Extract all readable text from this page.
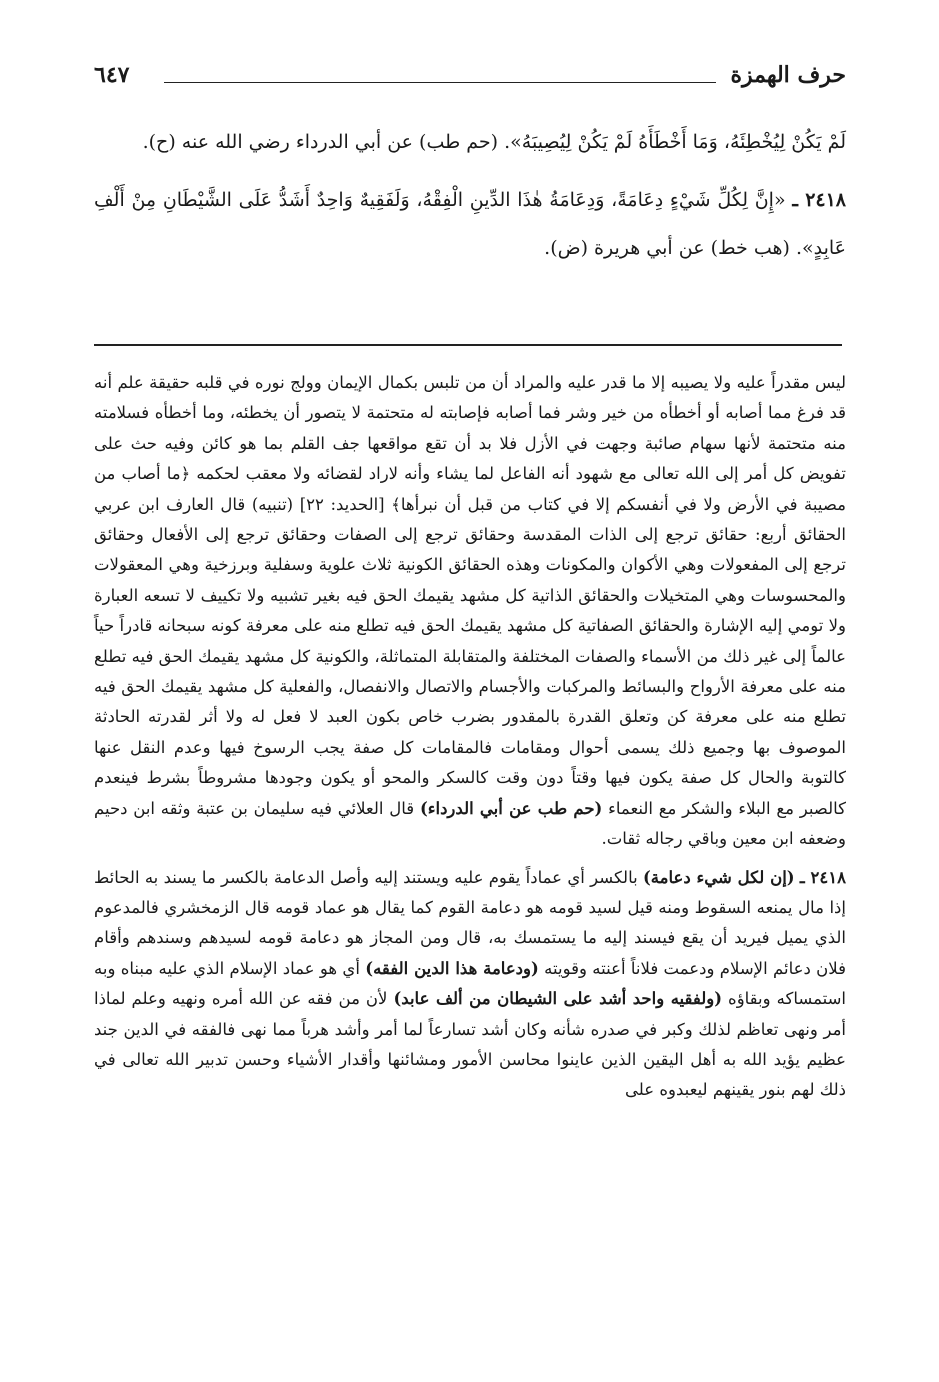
حرف الهمزة
٦٤٧

لَمْ يَكُنْ لِيُخْطِئَهُ، وَمَا أَخْطَأَهُ لَمْ يَكُنْ لِيُصِيبَهُ». (حم طب) عن أبي الدرداء رضي الله عنه (ح).

٢٤١٨ ـ «إِنَّ لِكُلِّ شَيْءٍ دِعَامَةً، وَدِعَامَةُ هٰذَا الدِّينِ الْفِقْهُ، وَلَفَقِيهٌ وَاحِدٌ أَشَدُّ عَلَى الشَّيْطَانِ مِنْ أَلْفِ عَابِدٍ». (هب خط) عن أبي هريرة (ض).

ليس مقدراً عليه ولا يصيبه إلا ما قدر عليه والمراد أن من تلبس بكمال الإيمان وولج نوره في قلبه حقيقة علم أنه قد فرغ مما أصابه أو أخطأه من خير وشر فما أصابه فإصابته له متحتمة لا يتصور أن يخطئه، وما أخطأه فسلامته منه متحتمة لأنها سهام صائبة وجهت في الأزل فلا بد أن تقع مواقعها جف القلم بما هو كائن وفيه حث على تفويض كل أمر إلى الله تعالى مع شهود أنه الفاعل لما يشاء وأنه لاراد لقضائه ولا معقب لحكمه ﴿ما أصاب من مصيبة في الأرض ولا في أنفسكم إلا في كتاب من قبل أن نبرأها﴾ [الحديد: ٢٢] (تنبيه) قال العارف ابن عربي الحقائق أربع: حقائق ترجع إلى الذات المقدسة وحقائق ترجع إلى الصفات وحقائق ترجع إلى الأفعال وحقائق ترجع إلى المفعولات وهي الأكوان والمكونات وهذه الحقائق الكونية ثلاث علوية وسفلية وبرزخية وهي المعقولات والمحسوسات وهي المتخيلات والحقائق الذاتية كل مشهد يقيمك الحق فيه بغير تشبيه ولا تكييف لا تسعه العبارة ولا تومي إليه الإشارة والحقائق الصفاتية كل مشهد يقيمك الحق فيه تطلع منه على معرفة كونه سبحانه قادراً حياً عالماً إلى غير ذلك من الأسماء والصفات المختلفة والمتقابلة المتماثلة، والكونية كل مشهد يقيمك الحق فيه تطلع منه على معرفة الأرواح والبسائط والمركبات والأجسام والاتصال والانفصال، والفعلية كل مشهد يقيمك الحق فيه تطلع منه على معرفة كن وتعلق القدرة بالمقدور بضرب خاص بكون العبد لا فعل له ولا أثر لقدرته الحادثة الموصوف بها وجميع ذلك يسمى أحوال ومقامات فالمقامات كل صفة يجب الرسوخ فيها وعدم النقل عنها كالتوبة والحال كل صفة يكون فيها وقتاً دون وقت كالسكر والمحو أو يكون وجودها مشروطاً بشرط فينعدم كالصبر مع البلاء والشكر مع النعماء (حم طب عن أبي الدرداء) قال العلائي فيه سليمان بن عتبة وثقه ابن دحيم وضعفه ابن معين وباقي رجاله ثقات.

٢٤١٨ ـ (إن لكل شيء دعامة) بالكسر أي عماداً يقوم عليه ويستند إليه وأصل الدعامة بالكسر ما يسند به الحائط إذا مال يمنعه السقوط ومنه قيل لسيد قومه هو دعامة القوم كما يقال هو عماد قومه قال الزمخشري فالمدعوم الذي يميل فيريد أن يقع فيسند إليه ما يستمسك به، قال ومن المجاز هو دعامة قومه لسيدهم وسندهم وأقام فلان دعائم الإسلام ودعمت فلاناً أعنته وقويته (ودعامة هذا الدين الفقه) أي هو عماد الإسلام الذي عليه مبناه وبه استمساكه وبقاؤه (ولفقيه واحد أشد على الشيطان من ألف عابد) لأن من فقه عن الله أمره ونهيه وعلم لماذا أمر ونهى تعاظم لذلك وكبر في صدره شأنه وكان أشد تسارعاً لما أمر وأشد هرباً مما نهى فالفقه في الدين جند عظيم يؤيد الله به أهل اليقين الذين عاينوا محاسن الأمور ومشائنها وأقدار الأشياء وحسن تدبير الله تعالى في ذلك لهم بنور يقينهم ليعبدوه على
